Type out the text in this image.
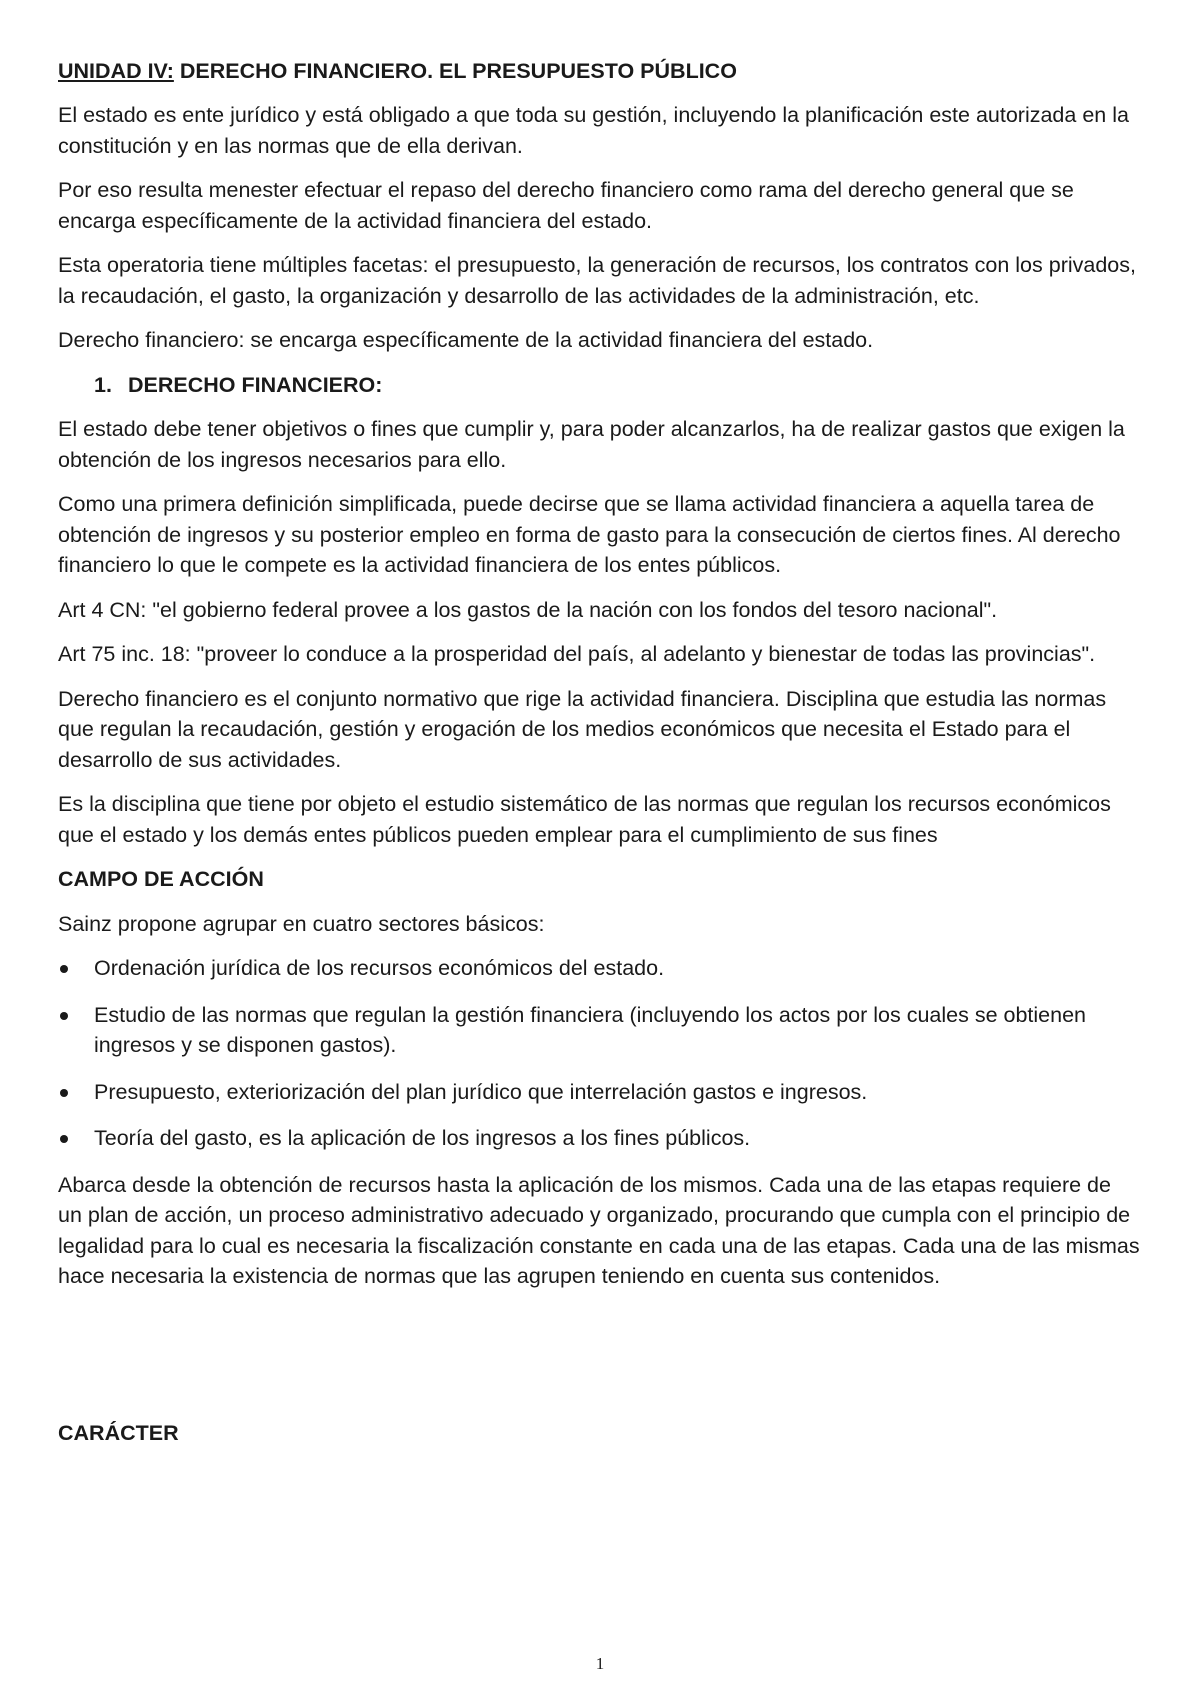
UNIDAD IV: DERECHO FINANCIERO. EL PRESUPUESTO PÚBLICO

El estado es ente jurídico y está obligado a que toda su gestión, incluyendo la planificación este autorizada en la constitución y en las normas que de ella derivan.

Por eso resulta menester efectuar el repaso del derecho financiero como rama del derecho general que se encarga específicamente de la actividad financiera del estado.

Esta operatoria tiene múltiples facetas: el presupuesto, la generación de recursos, los contratos con los privados, la recaudación, el gasto, la organización y desarrollo de las actividades de la administración, etc.

Derecho financiero: se encarga específicamente de la actividad financiera del estado.

1. DERECHO FINANCIERO:

El estado debe tener objetivos o fines que cumplir y, para poder alcanzarlos, ha de realizar gastos que exigen la obtención de los ingresos necesarios para ello.

Como una primera definición simplificada, puede decirse que se llama actividad financiera a aquella tarea de obtención de ingresos y su posterior empleo en forma de gasto para la consecución de ciertos fines. Al derecho financiero lo que le compete es la actividad financiera de los entes públicos.

Art 4 CN: "el gobierno federal provee a los gastos de la nación con los fondos del tesoro nacional".

Art 75 inc. 18: "proveer lo conduce a la prosperidad del país, al adelanto y bienestar de todas las provincias".

Derecho financiero es el conjunto normativo que rige la actividad financiera. Disciplina que estudia las normas que regulan la recaudación, gestión y erogación de los medios económicos que necesita el Estado para el desarrollo de sus actividades.

Es la disciplina que tiene por objeto el estudio sistemático de las normas que regulan los recursos económicos que el estado y los demás entes públicos pueden emplear para el cumplimiento de sus fines

CAMPO DE ACCIÓN

Sainz propone agrupar en cuatro sectores básicos:

Ordenación jurídica de los recursos económicos del estado.
Estudio de las normas que regulan la gestión financiera (incluyendo los actos por los cuales se obtienen ingresos y se disponen gastos).
Presupuesto, exteriorización del plan jurídico que interrelación gastos e ingresos.
Teoría del gasto, es la aplicación de los ingresos a los fines públicos.

Abarca desde la obtención de recursos hasta la aplicación de los mismos. Cada una de las etapas requiere de un plan de acción, un proceso administrativo adecuado y organizado, procurando que cumpla con el principio de legalidad para lo cual es necesaria la fiscalización constante en cada una de las etapas. Cada una de las mismas hace necesaria la existencia de normas que las agrupen teniendo en cuenta sus contenidos.

CARÁCTER
1
